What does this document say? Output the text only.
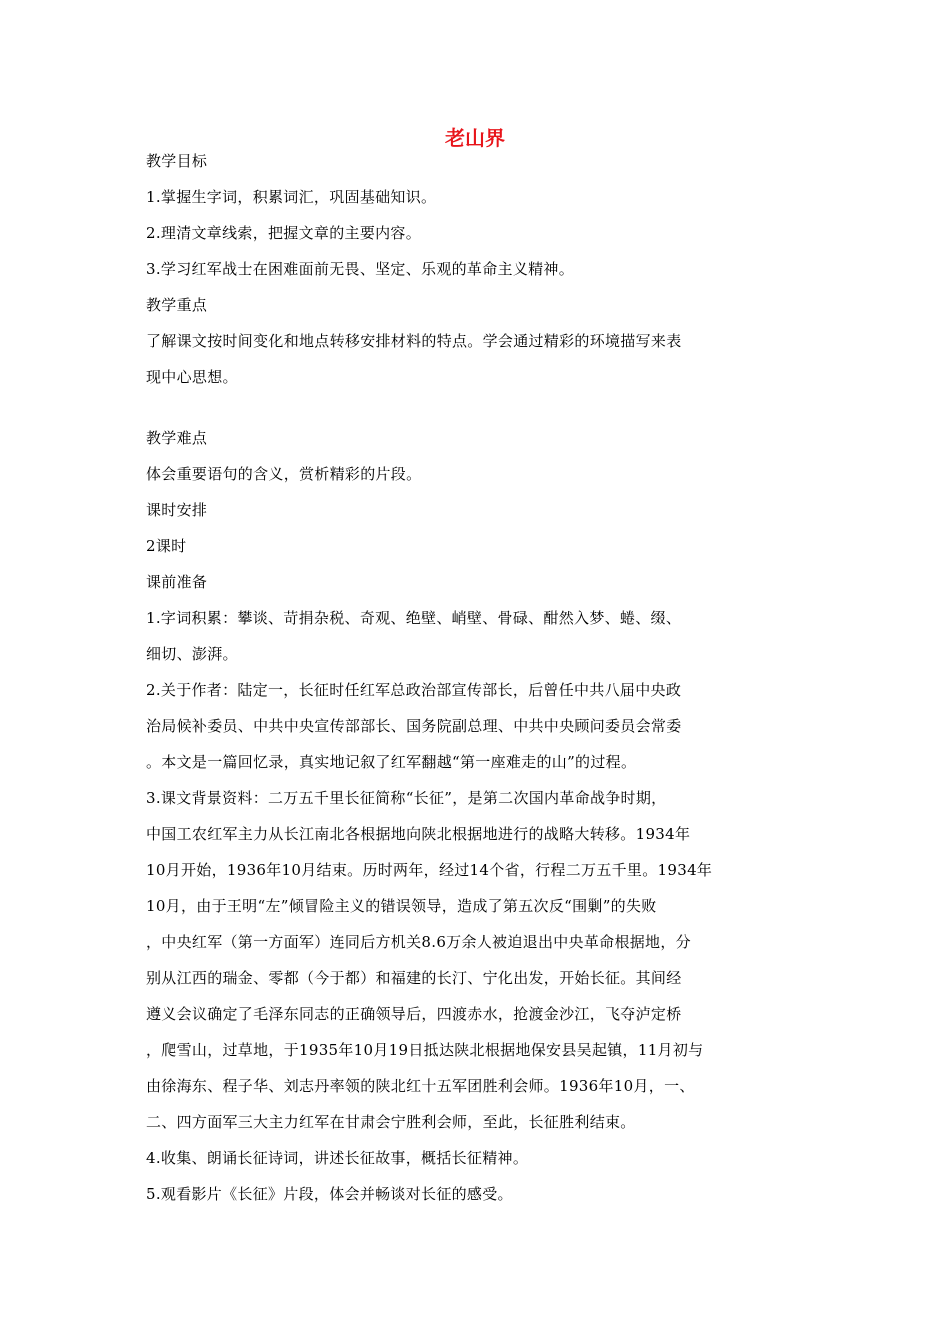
老山界
教学目标
1.掌握生字词，积累词汇，巩固基础知识。
2.理清文章线索，把握文章的主要内容。
3.学习红军战士在困难面前无畏、坚定、乐观的革命主义精神。
教学重点
了解课文按时间变化和地点转移安排材料的特点。学会通过精彩的环境描写来表
现中心思想。
教学难点
体会重要语句的含义，赏析精彩的片段。
课时安排
2课时
课前准备
1.字词积累：攀谈、苛捐杂税、奇观、绝壁、峭壁、骨碌、酣然入梦、蜷、缀、
细切、澎湃。
2.关于作者：陆定一，长征时任红军总政治部宣传部长，后曾任中共八届中央政
治局候补委员、中共中央宣传部部长、国务院副总理、中共中央顾问委员会常委
。本文是一篇回忆录，真实地记叙了红军翻越“第一座难走的山”的过程。
3.课文背景资料：二万五千里长征简称“长征”，是第二次国内革命战争时期，
中国工农红军主力从长江南北各根据地向陕北根据地进行的战略大转移。1934年
10月开始，1936年10月结束。历时两年，经过14个省，行程二万五千里。1934年
10月，由于王明“左”倾冒险主义的错误领导，造成了第五次反“围剿”的失败
，中央红军（第一方面军）连同后方机关8.6万余人被迫退出中央革命根据地，分
别从江西的瑞金、零都（今于都）和福建的长汀、宁化出发，开始长征。其间经
遵义会议确定了毛泽东同志的正确领导后，四渡赤水，抢渡金沙江，飞夺泸定桥
，爬雪山，过草地，于1935年10月19日抵达陕北根据地保安县吴起镇，11月初与
由徐海东、程子华、刘志丹率领的陕北红十五军团胜利会师。1936年10月，一、
二、四方面军三大主力红军在甘肃会宁胜利会师，至此，长征胜利结束。
4.收集、朗诵长征诗词，讲述长征故事，概括长征精神。
5.观看影片《长征》片段，体会并畅谈对长征的感受。
